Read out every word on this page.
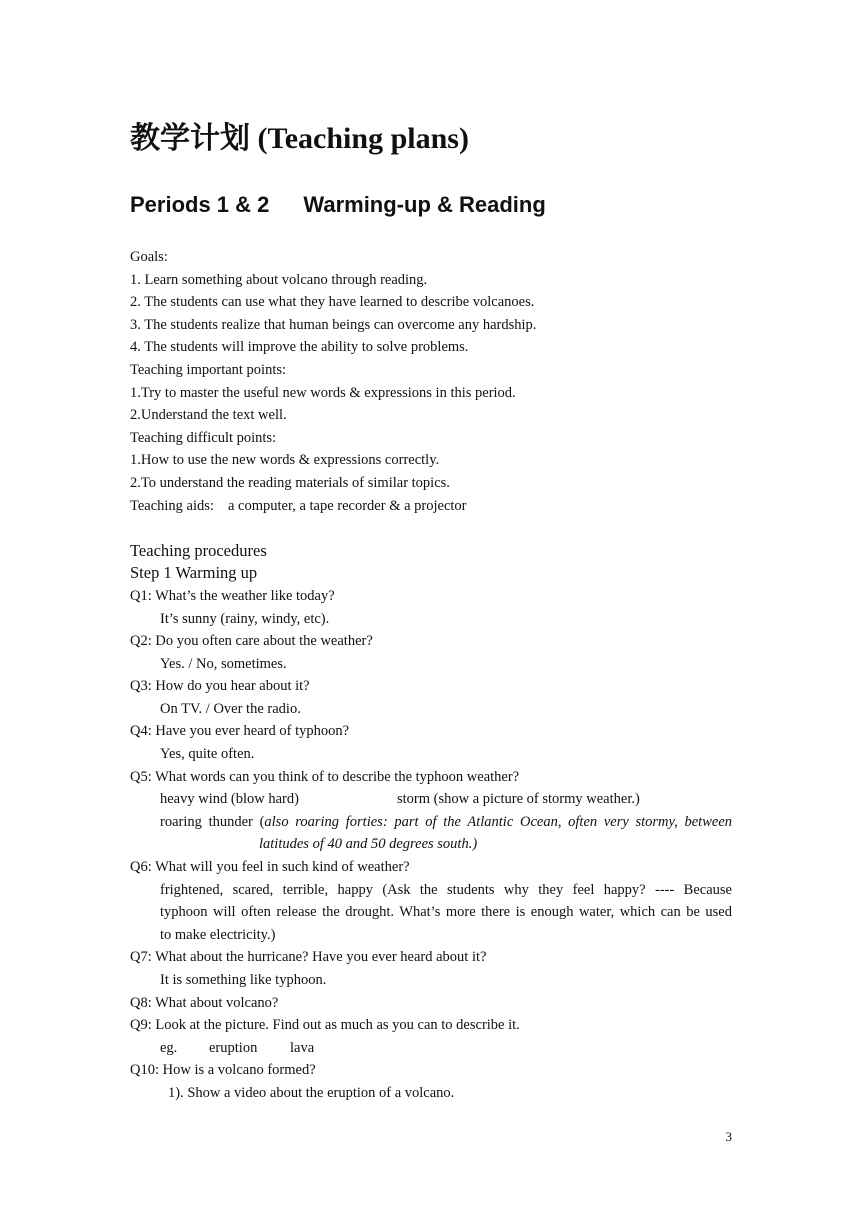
教学计划 (Teaching plans)
Periods 1 & 2 Warming-up & Reading
Goals:
1. Learn something about volcano through reading.
2. The students can use what they have learned to describe volcanoes.
3. The students realize that human beings can overcome any hardship.
4. The students will improve the ability to solve problems.
Teaching important points:
1.Try to master the useful new words & expressions in this period.
2.Understand the text well.
Teaching difficult points:
1.How to use the new words & expressions correctly.
2.To understand the reading materials of similar topics.
Teaching aids: a computer, a tape recorder & a projector
Teaching procedures
Step 1 Warming up
Q1: What’s the weather like today?
It’s sunny (rainy, windy, etc).
Q2: Do you often care about the weather?
Yes. / No, sometimes.
Q3: How do you hear about it?
On TV. / Over the radio.
Q4: Have you ever heard of typhoon?
Yes, quite often.
Q5: What words can you think of to describe the typhoon weather?
heavy wind (blow hard)	storm (show a picture of stormy weather.)
roaring thunder (also roaring forties: part of the Atlantic Ocean, often very stormy, between
latitudes of 40 and 50 degrees south.)
Q6: What will you feel in such kind of weather?
frightened, scared, terrible, happy (Ask the students why they feel happy? ---- Because
typhoon will often release the drought. What’s more there is enough water, which can be used
to make electricity.)
Q7: What about the hurricane? Have you ever heard about it?
It is something like typhoon.
Q8: What about volcano?
Q9: Look at the picture. Find out as much as you can to describe it.
eg. eruption lava
Q10: How is a volcano formed?
1). Show a video about the eruption of a volcano.
3
